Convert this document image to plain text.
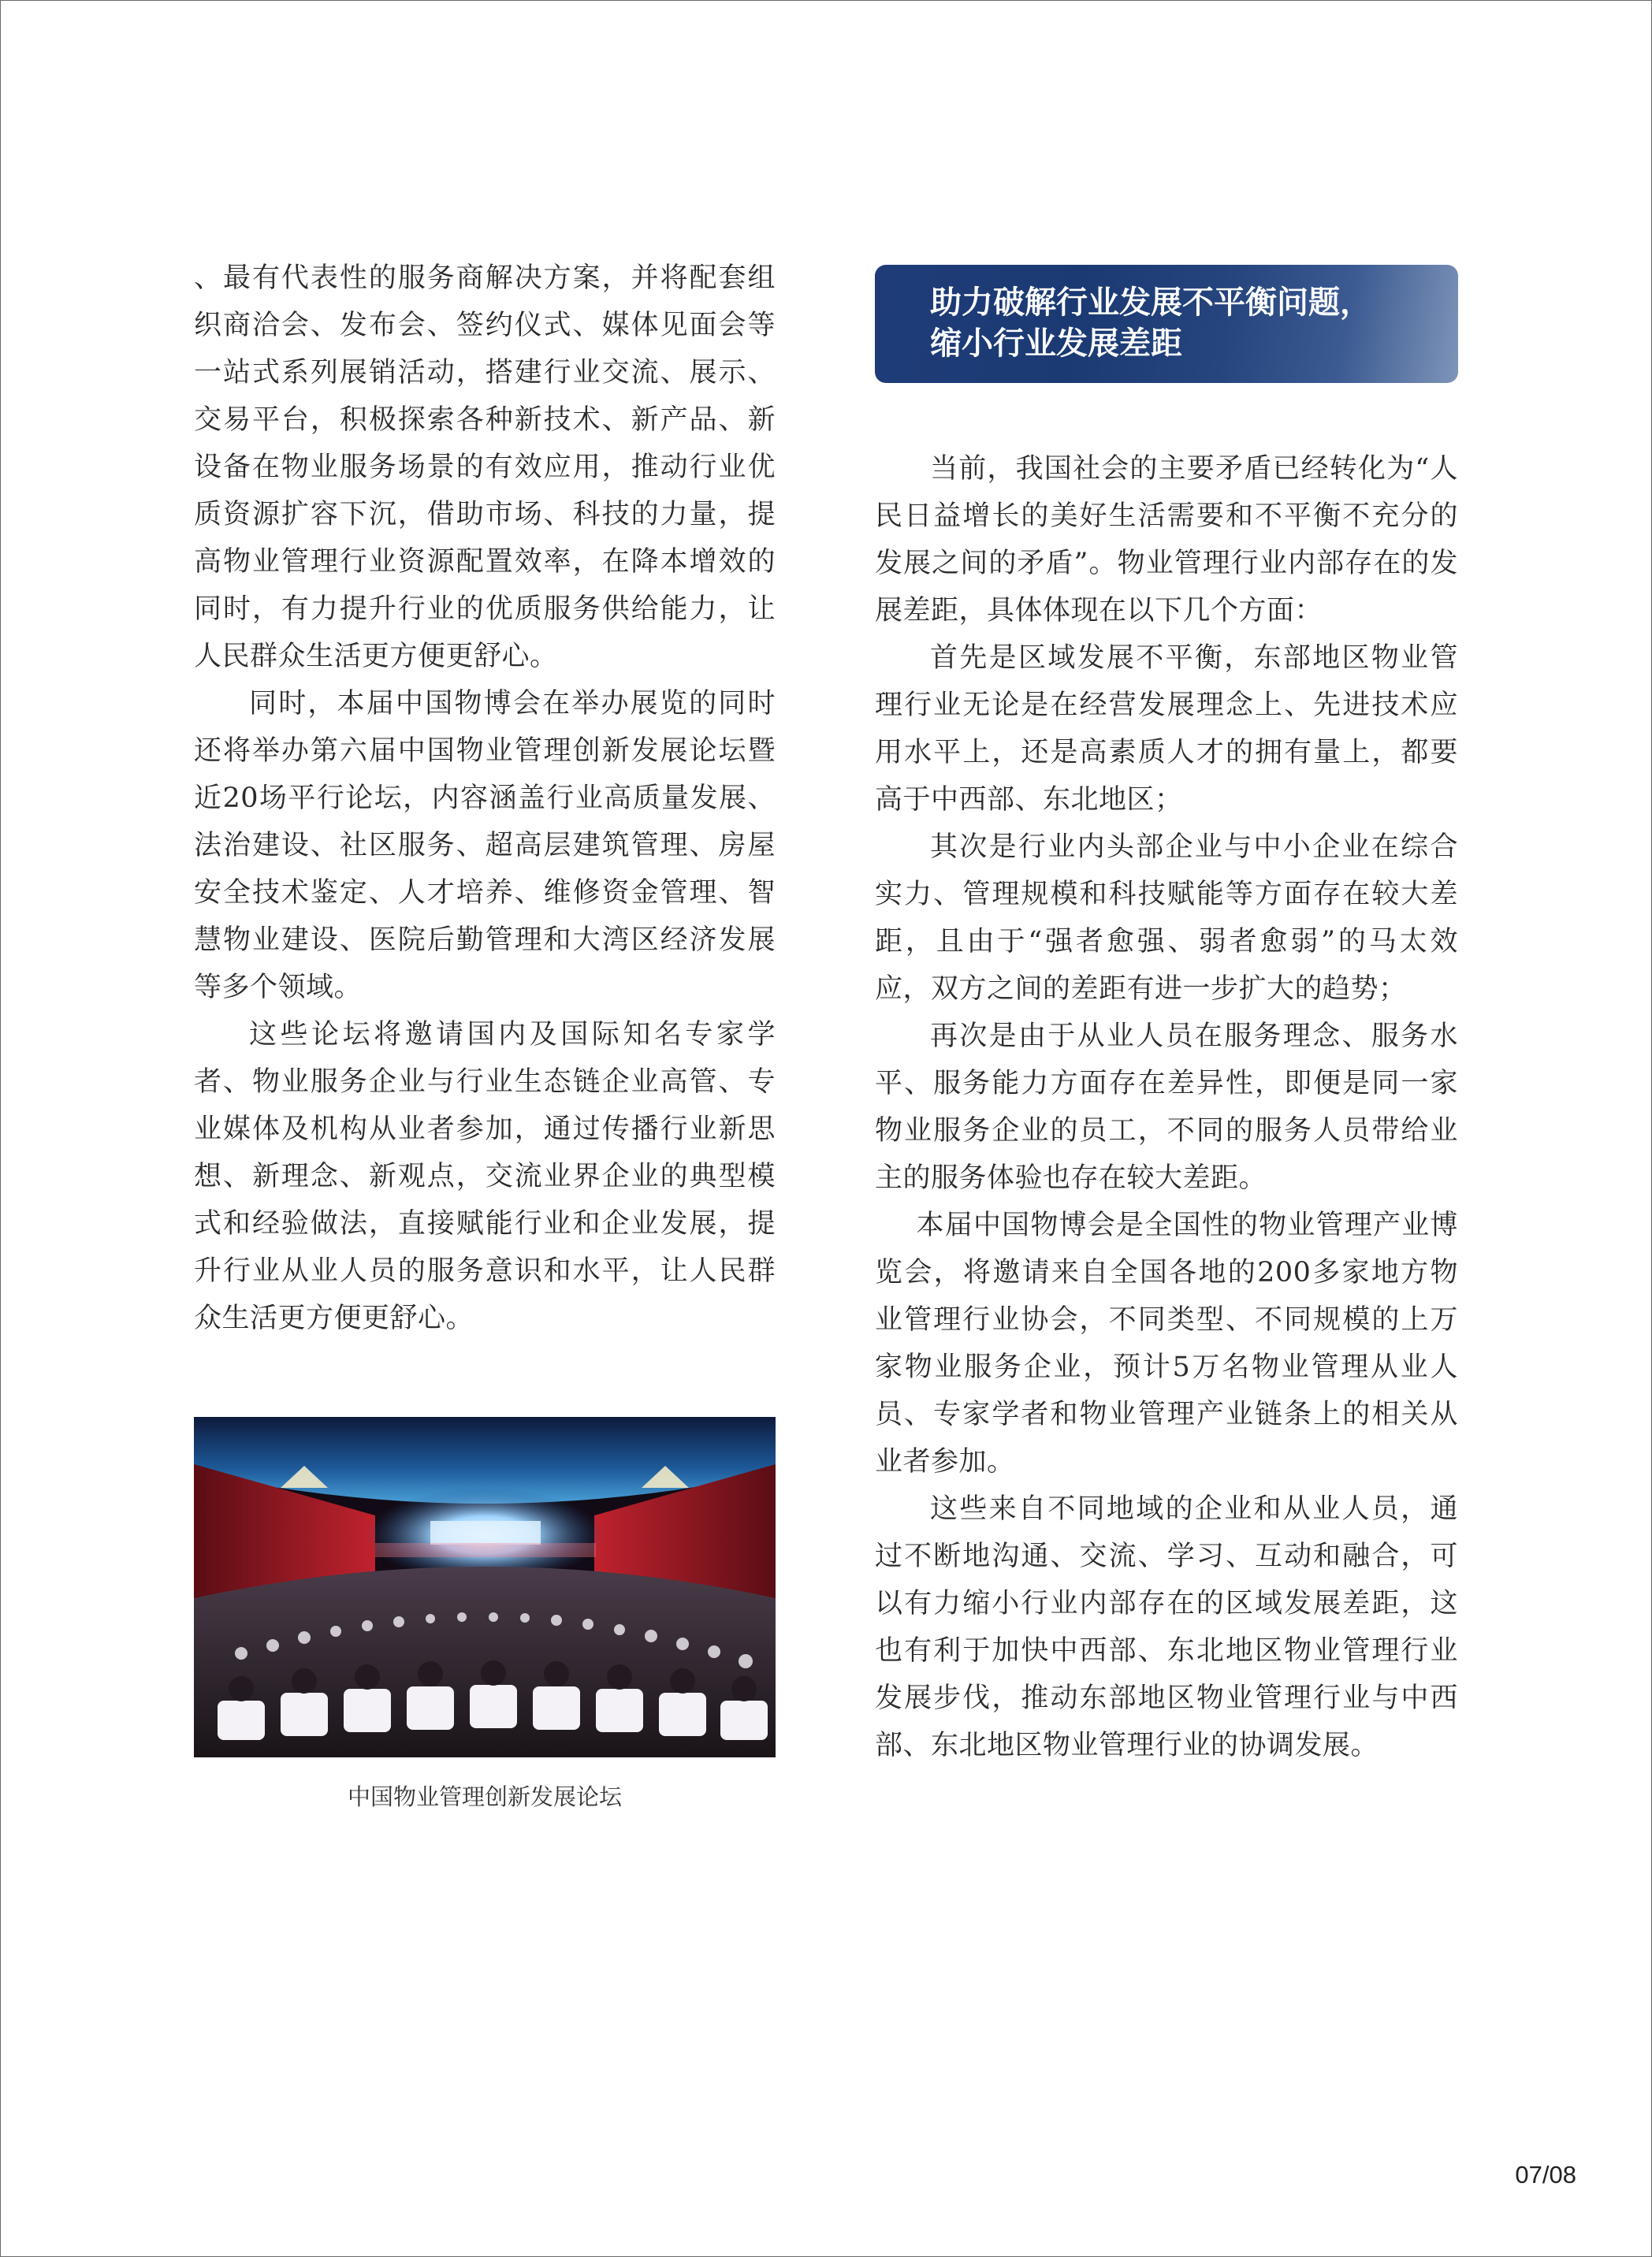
、最有代表性的服务商解决方案，并将配套组织商洽会、发布会、签约仪式、媒体见面会等一站式系列展销活动，搭建行业交流、展示、交易平台，积极探索各种新技术、新产品、新设备在物业服务场景的有效应用，推动行业优质资源扩容下沉，借助市场、科技的力量，提高物业管理行业资源配置效率，在降本增效的同时，有力提升行业的优质服务供给能力，让人民群众生活更方便更舒心。

同时，本届中国物博会在举办展览的同时还将举办第六届中国物业管理创新发展论坛暨近20场平行论坛，内容涵盖行业高质量发展、法治建设、社区服务、超高层建筑管理、房屋安全技术鉴定、人才培养、维修资金管理、智慧物业建设、医院后勤管理和大湾区经济发展等多个领域。

这些论坛将邀请国内及国际知名专家学者、物业服务企业与行业生态链企业高管、专业媒体及机构从业者参加，通过传播行业新思想、新理念、新观点，交流业界企业的典型模式和经验做法，直接赋能行业和企业发展，提升行业从业人员的服务意识和水平，让人民群众生活更方便更舒心。

中国物业管理创新发展论坛
助力破解行业发展不平衡问题，
缩小行业发展差距

当前，我国社会的主要矛盾已经转化为“人民日益增长的美好生活需要和不平衡不充分的发展之间的矛盾”。物业管理行业内部存在的发展差距，具体体现在以下几个方面：

首先是区域发展不平衡，东部地区物业管理行业无论是在经营发展理念上、先进技术应用水平上，还是高素质人才的拥有量上，都要高于中西部、东北地区；

其次是行业内头部企业与中小企业在综合实力、管理规模和科技赋能等方面存在较大差距，且由于“强者愈强、弱者愈弱”的马太效应，双方之间的差距有进一步扩大的趋势；

再次是由于从业人员在服务理念、服务水平、服务能力方面存在差异性，即便是同一家物业服务企业的员工，不同的服务人员带给业主的服务体验也存在较大差距。

本届中国物博会是全国性的物业管理产业博览会，将邀请来自全国各地的200多家地方物业管理行业协会，不同类型、不同规模的上万家物业服务企业，预计5万名物业管理从业人员、专家学者和物业管理产业链条上的相关从业者参加。

这些来自不同地域的企业和从业人员，通过不断地沟通、交流、学习、互动和融合，可以有力缩小行业内部存在的区域发展差距，这也有利于加快中西部、东北地区物业管理行业发展步伐，推动东部地区物业管理行业与中西部、东北地区物业管理行业的协调发展。

07/08
